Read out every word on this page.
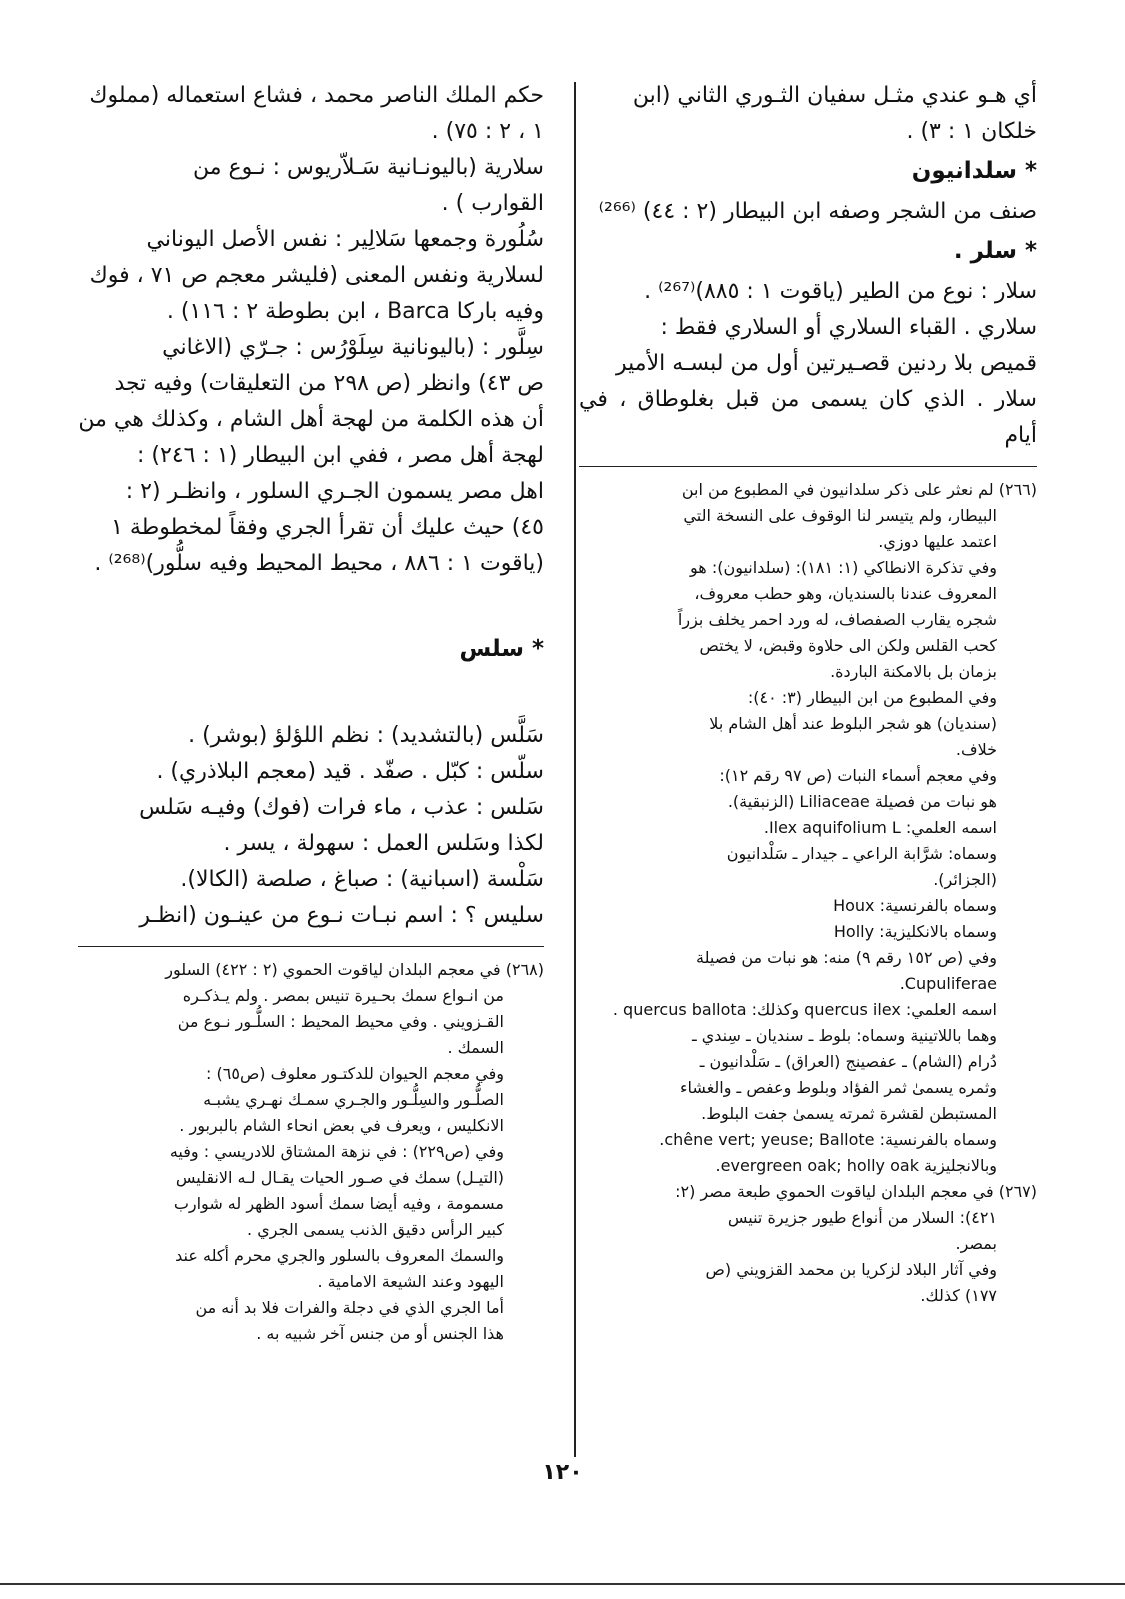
أي هـو عندي مثـل سفيان الثـوري الثاني (ابن

خلكان ۱ : ۳) .

* سلدانيون

صنف من الشجر وصفه ابن البيطار (۲ : ٤٤) ⁽²⁶⁶⁾

* سلر .

سلار : نوع من الطير (ياقوت ۱ : ۸۸٥)⁽²⁶⁷⁾ .

سلاري . القباء السلاري أو السلاري فقط :

قميص بلا ردنين قصـيرتين أول من لبسـه الأمير

سلار . الذي كان يسمى من قبل بغلوطاق ، في أيام

(۲٦٦) لم نعثر على ذكر سلدانيون في المطبوع من ابن

البيطار، ولم يتيسر لنا الوقوف على النسخة التي

اعتمد عليها دوزي.

وفي تذكرة الانطاكي (۱: ۱۸۱): (سلدانيون): هو

المعروف عندنا بالسنديان، وهو حطب معروف،

شجره يقارب الصفصاف، له ورد احمر يخلف بزراً

كحب القلس ولكن الى حلاوة وقبض، لا يختص

بزمان بل بالامكنة الباردة.

وفي المطبوع من ابن البيطار (۳: ٤۰):

(سنديان) هو شجر البلوط عند أهل الشام بلا

خلاف.

وفي معجم أسماء النبات (ص ۹۷ رقم ۱۲):

هو نبات من فصيلة Liliaceae (الزنبقية).

اسمه العلمي: Ilex aquifolium L.

وسماه: شرَّابة الراعي ـ جيدار ـ سَلْدانيون

(الجزائر).

وسماه بالفرنسية: Houx

وسماه بالانكليزية: Holly

وفي (ص ۱٥۲ رقم ۹) منه: هو نبات من فصيلة

Cupuliferae.

اسمه العلمي: quercus ilex وكذلك: quercus ballota .

وهما باللاتينية وسماه: بلوط ـ سنديان ـ سِندي ـ

دُرام (الشام) ـ عفصينج (العراق) ـ سَلْدانيون ـ

وثمره يسمىٰ ثمر الفؤاد وبلوط وعفص ـ والغشاء

المستبطن لقشرة ثمرته يسمىٰ جفت البلوط.

وسماه بالفرنسية: chêne vert; yeuse; Ballote.

وبالانجليزية evergreen oak; holly oak.

(۲٦۷) في معجم البلدان لياقوت الحموي طبعة مصر (۲:

٤۲۱): السلار من أنواع طيور جزيرة تنيس

بمصر.

وفي آثار البلاد لزكريا بن محمد القزويني (ص

۱۷۷) كذلك.

حكم الملك الناصر محمد ، فشاع استعماله (مملوك

۱ ، ۲ : ۷٥) .

سلارية (باليونـانية سَـلاّريوس : نـوع من

القوارب ) .

سُلُورة وجمعها سَلالِير : نفس الأصل اليوناني

لسلارية ونفس المعنى (فليشر معجم ص ۷۱ ، فوك

وفيه باركا Barca ، ابن بطوطة ۲ : ۱۱٦) .

سِلَّور : (باليونانية سِلَوْرُس : جـرّي (الاغاني

ص ٤۳) وانظر (ص ۲۹۸ من التعليقات) وفيه تجد

أن هذه الكلمة من لهجة أهل الشام ، وكذلك هي من

لهجة أهل مصر ، ففي ابن البيطار (۱ : ۲٤٦) :

اهل مصر يسمون الجـري السلور ، وانظـر (۲ :

٤٥) حيث عليك أن تقرأ الجري وفقاً لمخطوطة ۱

(ياقوت ۱ : ۸۸٦ ، محيط المحيط وفيه سلُّور)⁽²⁶⁸⁾ .

* سلس

سَلَّس (بالتشديد) : نظم اللؤلؤ (بوشر) .

سلّس : كبّل . صفّد . قيد (معجم البلاذري) .

سَلس : عذب ، ماء فرات (فوك) وفيـه سَلس

لكذا وسَلس العمل : سهولة ، يسر .

سَلْسة (اسبانية) : صباغ ، صلصة (الكالا).

سليس ؟ : اسم نبـات نـوع من عينـون (انظـر

(۲٦۸) في معجم البلدان لياقوت الحموي (۲ : ٤۲۲) السلور

من انـواع سمك بحـيرة تنيس بمصر . ولم يـذكـره

القـزويني . وفي محيط المحيط : السلُّـور نـوع من

السمك .

وفي معجم الحيوان للدكتـور معلوف (ص٦٥) :

الصلُّـور والسِلُّـور والجـري سمـك نهـري يشبـه

الانكليس ، ويعرف في بعض انحاء الشام بالبربور .

وفي (ص۲۲۹) : في نزهة المشتاق للادريسي : وفيه

(التيـل) سمك في صـور الحيات يقـال لـه الانقليس

مسمومة ، وفيه أيضا سمك أسود الظهر له شوارب

كبير الرأس دقيق الذنب يسمى الجري .

والسمك المعروف بالسلور والجري محرم أكله عند

اليهود وعند الشيعة الامامية .

أما الجري الذي في دجلة والفرات فلا بد أنه من

هذا الجنس أو من جنس آخر شبيه به .

۱۲۰
